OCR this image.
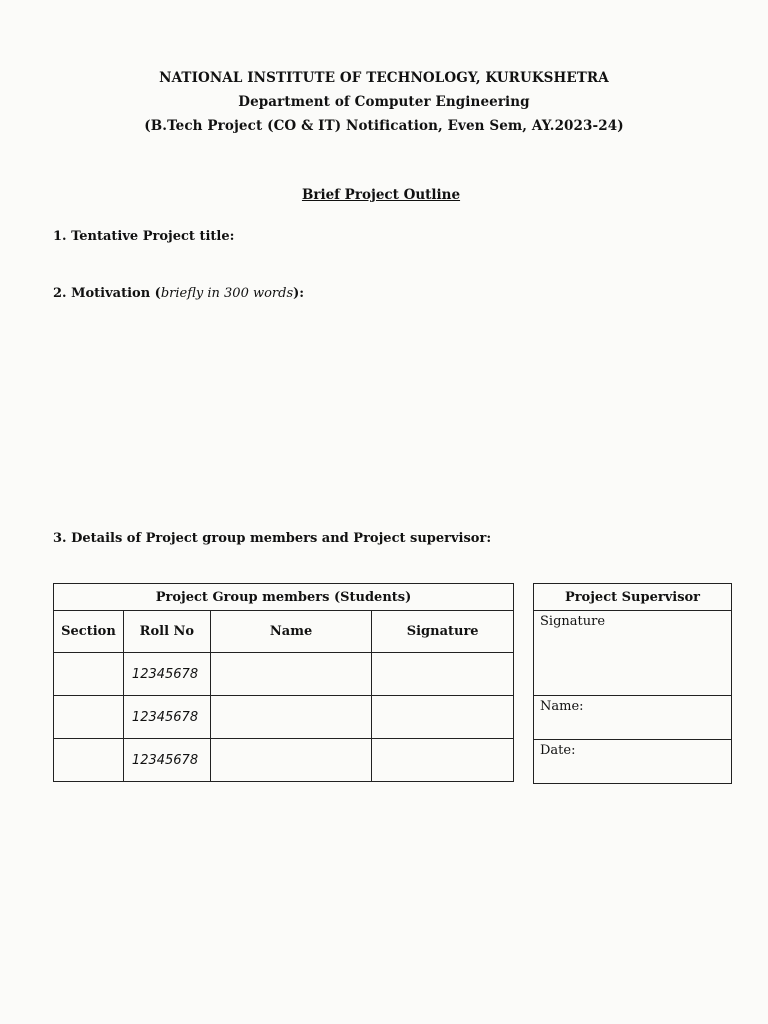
NATIONAL INSTITUTE OF TECHNOLOGY, KURUKSHETRA
Department of Computer Engineering
(B.Tech Project (CO & IT) Notification, Even Sem, AY.2023-24)
Brief Project Outline
1. Tentative Project title:
2. Motivation (briefly in 300 words):
3. Details of Project group members and Project supervisor:
Project Group members (Students)			
Section	Roll No	Name	Signature
	12345678		
	12345678		
	12345678		
Project Supervisor
Signature
Name:
Date:
